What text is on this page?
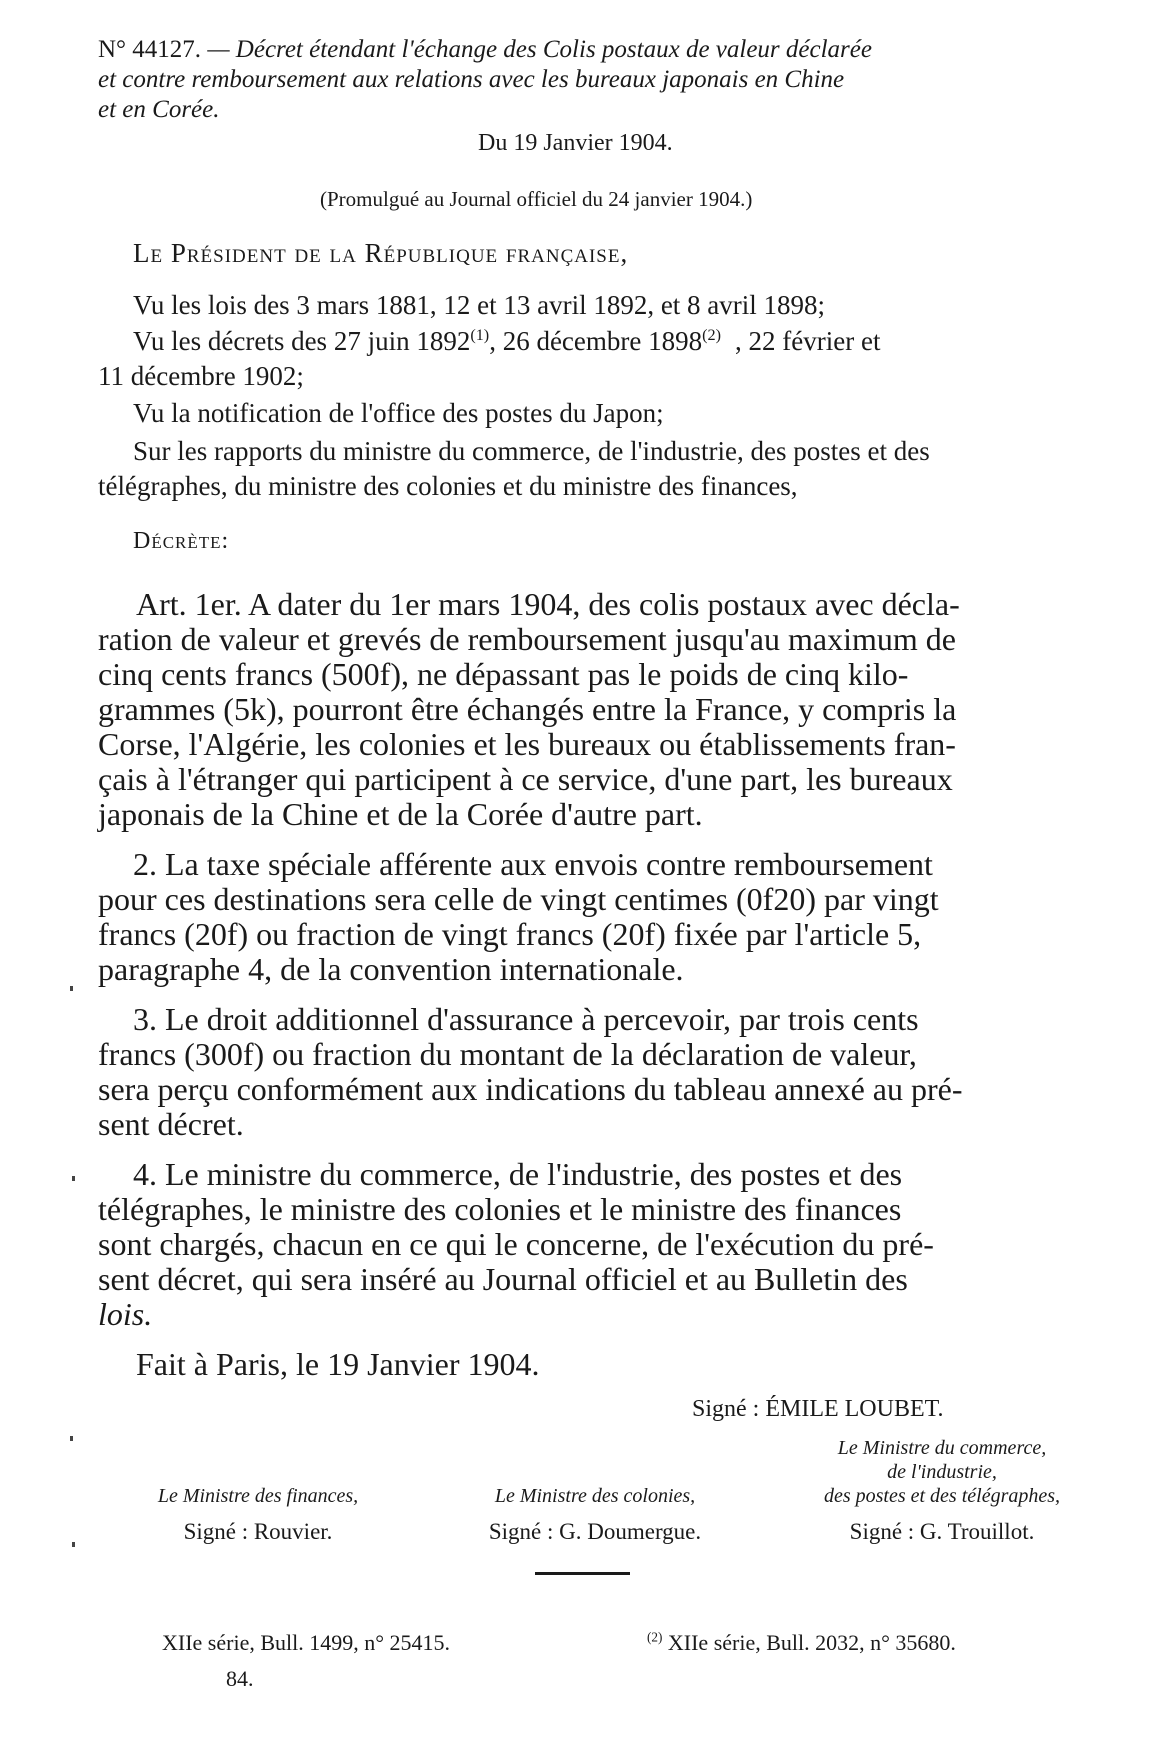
N° 44127. — Décret étendant l'échange des Colis postaux de valeur déclarée
et contre remboursement aux relations avec les bureaux japonais en Chine
et en Corée.
Du 19 Janvier 1904.
(Promulgué au Journal officiel du 24 janvier 1904.)
Le Président de la République française,
Vu les lois des 3 mars 1881, 12 et 13 avril 1892, et 8 avril 1898;
Vu les décrets des 27 juin 1892$^{(1)}$, 26 décembre 1898$^{(2)}$ , 22 février et
11 décembre 1902;
Vu la notification de l'office des postes du Japon;
Sur les rapports du ministre du commerce, de l'industrie, des postes et des
télégraphes, du ministre des colonies et du ministre des finances,
Décrète:
Art. 1er. A dater du 1er mars 1904, des colis postaux avec décla-
ration de valeur et grevés de remboursement jusqu'au maximum de
cinq cents francs (500f), ne dépassant pas le poids de cinq kilo-
grammes (5k), pourront être échangés entre la France, y compris la
Corse, l'Algérie, les colonies et les bureaux ou établissements fran-
çais à l'étranger qui participent à ce service, d'une part, les bureaux
japonais de la Chine et de la Corée d'autre part.
2. La taxe spéciale afférente aux envois contre remboursement
pour ces destinations sera celle de vingt centimes (0f20) par vingt
francs (20f) ou fraction de vingt francs (20f) fixée par l'article 5,
paragraphe 4, de la convention internationale.
3. Le droit additionnel d'assurance à percevoir, par trois cents
francs (300f) ou fraction du montant de la déclaration de valeur,
sera perçu conformément aux indications du tableau annexé au pré-
sent décret.
4. Le ministre du commerce, de l'industrie, des postes et des
télégraphes, le ministre des colonies et le ministre des finances
sont chargés, chacun en ce qui le concerne, de l'exécution du pré-
sent décret, qui sera inséré au Journal officiel et au Bulletin des
lois.
Fait à Paris, le 19 Janvier 1904.
Signé : ÉMILE LOUBET.
Le Ministre des finances,
Signé : Rouvier.
Le Ministre des colonies,
Signé : G. Doumergue.
Le Ministre du commerce,
de l'industrie,
des postes et des télégraphes,
Signé : G. Trouillot.
XIIe série, Bull. 1499, n° 25415.	$^{(2)}$ XIIe série, Bull. 2032, n° 35680.
84.
